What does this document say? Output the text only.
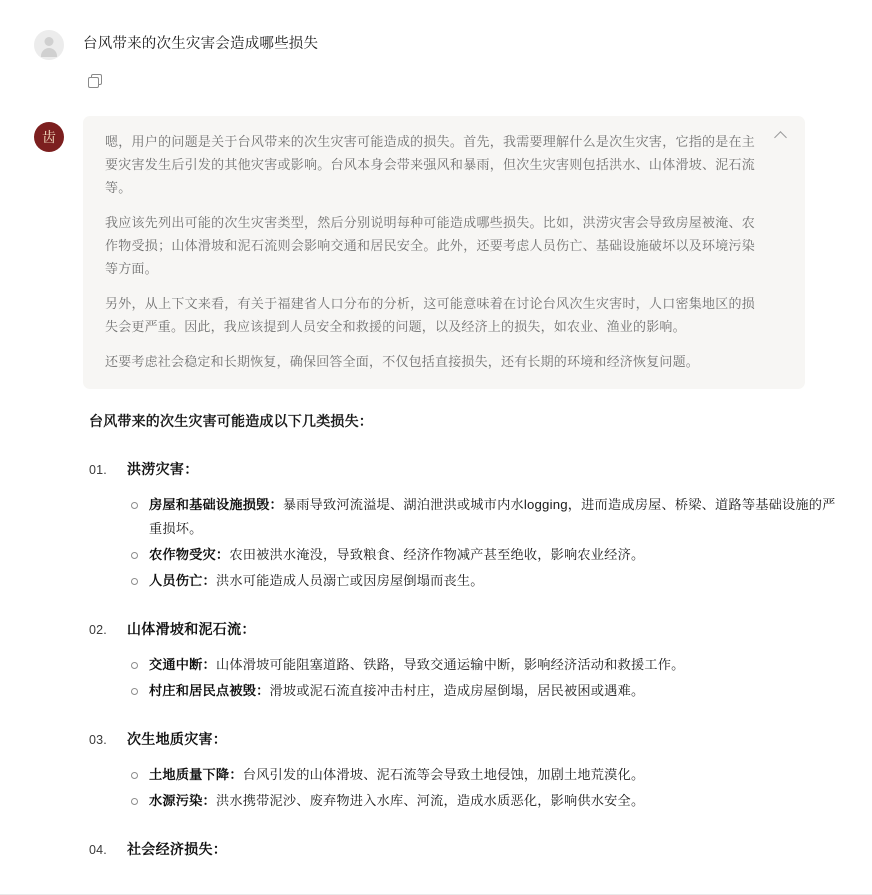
台风带来的次生灾害会造成哪些损失
齿	嗯，用户的问题是关于台风带来的次生灾害可能造成的损失。首先，我需要理解什么是次生灾害，它指的是在主要灾害发生后引发的其他灾害或影响。台风本身会带来强风和暴雨，但次生灾害则包括洪水、山体滑坡、泥石流等。

我应该先列出可能的次生灾害类型，然后分别说明每种可能造成哪些损失。比如，洪涝灾害会导致房屋被淹、农作物受损；山体滑坡和泥石流则会影响交通和居民安全。此外，还要考虑人员伤亡、基础设施破坏以及环境污染等方面。

另外，从上下文来看，有关于福建省人口分布的分析，这可能意味着在讨论台风次生灾害时，人口密集地区的损失会更严重。因此，我应该提到人员安全和救援的问题，以及经济上的损失，如农业、渔业的影响。

还要考虑社会稳定和长期恢复，确保回答全面，不仅包括直接损失，还有长期的环境和经济恢复问题。

台风带来的次生灾害可能造成以下几类损失：

01.	洪涝灾害：
房屋和基础设施损毁：暴雨导致河流溢堤、湖泊泄洪或城市内水logging，进而造成房屋、桥梁、道路等基础设施的严重损坏。
农作物受灾：农田被洪水淹没，导致粮食、经济作物减产甚至绝收，影响农业经济。
人员伤亡：洪水可能造成人员溺亡或因房屋倒塌而丧生。
02.	山体滑坡和泥石流：
交通中断：山体滑坡可能阻塞道路、铁路，导致交通运输中断，影响经济活动和救援工作。
村庄和居民点被毁：滑坡或泥石流直接冲击村庄，造成房屋倒塌，居民被困或遇难。
03.	次生地质灾害：
土地质量下降：台风引发的山体滑坡、泥石流等会导致土地侵蚀，加剧土地荒漠化。
水源污染：洪水携带泥沙、废弃物进入水库、河流，造成水质恶化，影响供水安全。
04.	社会经济损失：
